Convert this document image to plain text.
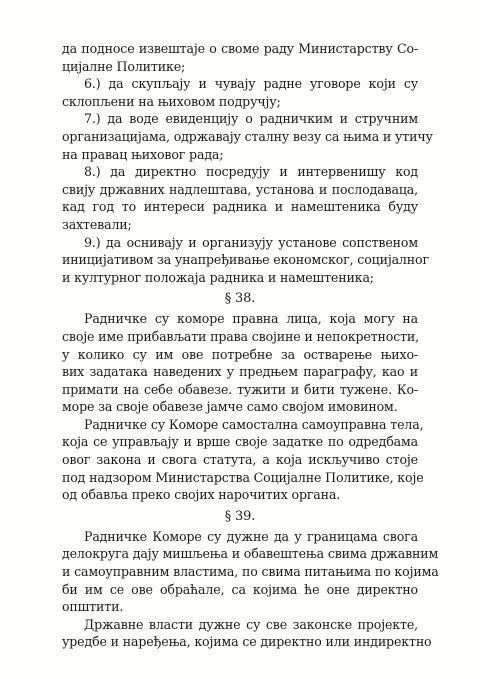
да подносе извештаје о своме раду Министарству Со-
цијалне Политике;
6.) да скупљају и чувају радне уговоре који су
склопљени на њиховом подручју;
7.) да воде евиденцију о радничким и стручним
организацијама, одржавају сталну везу са њима и утичу
на правац њиховог рада;
8.) да директно посредују и интервенишу код
свију државних надлештава, установа и послодаваца,
кад год то интереси радника и намештеника буду
захтевали;
9.) да оснивају и организују установе сопственом
иницијативом за унапређивање економског, социјалног
и културног положаја радника и намештеника;
§ 38.
Радничке су коморе правна лица, која могу на
своје име прибављати права својине и непокретности,
у колико су им ове потребне за остварење њихо-
вих задатака наведених у предњем параграфу, као и
примати на себе обавезе. тужити и бити тужене. Ко-
море за своје обавезе јамче само својом имовином.
Радничке су Коморе самостална самоуправна тела,
која се управљају и врше своје задатке по одредбама
овог закона и свога статута, а која искључиво стоје
под надзором Министарства Социјалне Политике, које
од обавља преко својих нарочитих органа.
§ 39.
Радничке Коморе су дужне да у границама свога
делокруга дају мишљења и обавештења свима државним
и самоуправним властима, по свима питањима по којима
би им се ове обраћале, са којима ће оне директно
општити.
Државне власти дужне су све законске пројекте,
уредбе и наређења, којима се директно или индиректно
